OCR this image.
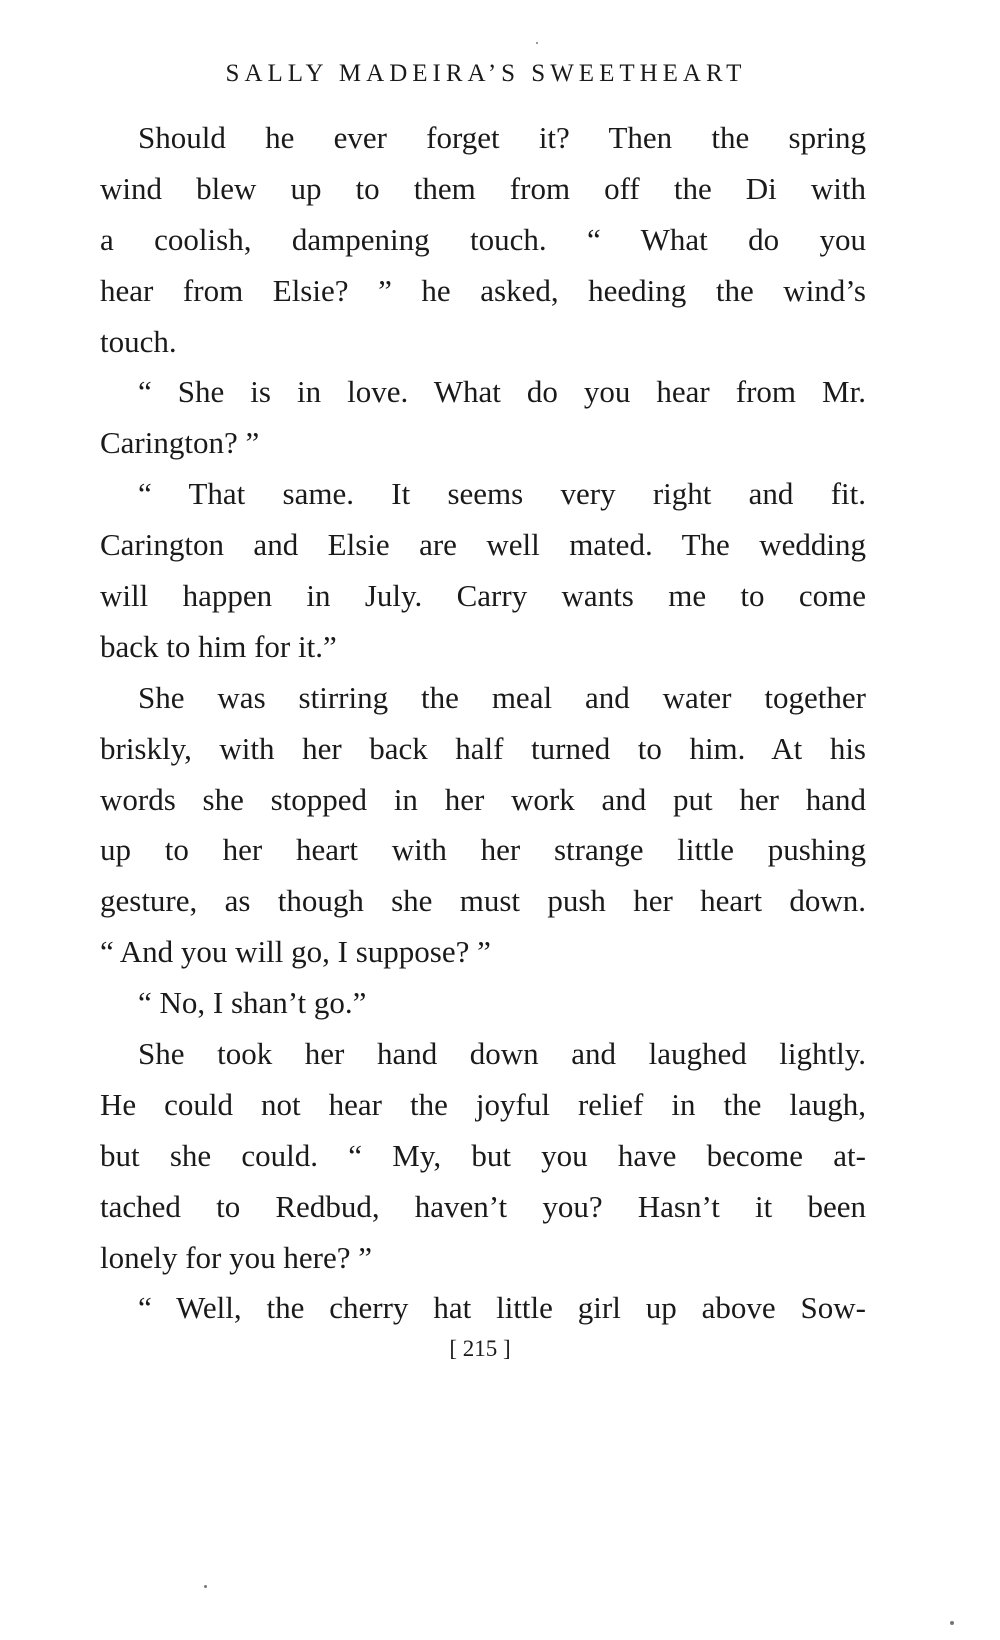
SALLY MADEIRA’S SWEETHEART
Should he ever forget it? Then the spring
wind blew up to them from off the Di with
a coolish, dampening touch. “ What do you
hear from Elsie? ” he asked, heeding the wind’s
touch.
“ She is in love. What do you hear from Mr.
Carington? ”
“ That same. It seems very right and fit.
Carington and Elsie are well mated. The wedding
will happen in July. Carry wants me to come
back to him for it.”
She was stirring the meal and water together
briskly, with her back half turned to him. At his
words she stopped in her work and put her hand
up to her heart with her strange little pushing
gesture, as though she must push her heart down.
“ And you will go, I suppose? ”
“ No, I shan’t go.”
She took her hand down and laughed lightly.
He could not hear the joyful relief in the laugh,
but she could. “ My, but you have become at-
tached to Redbud, haven’t you? Hasn’t it been
lonely for you here? ”
“ Well, the cherry hat little girl up above Sow-
[ 215 ]
